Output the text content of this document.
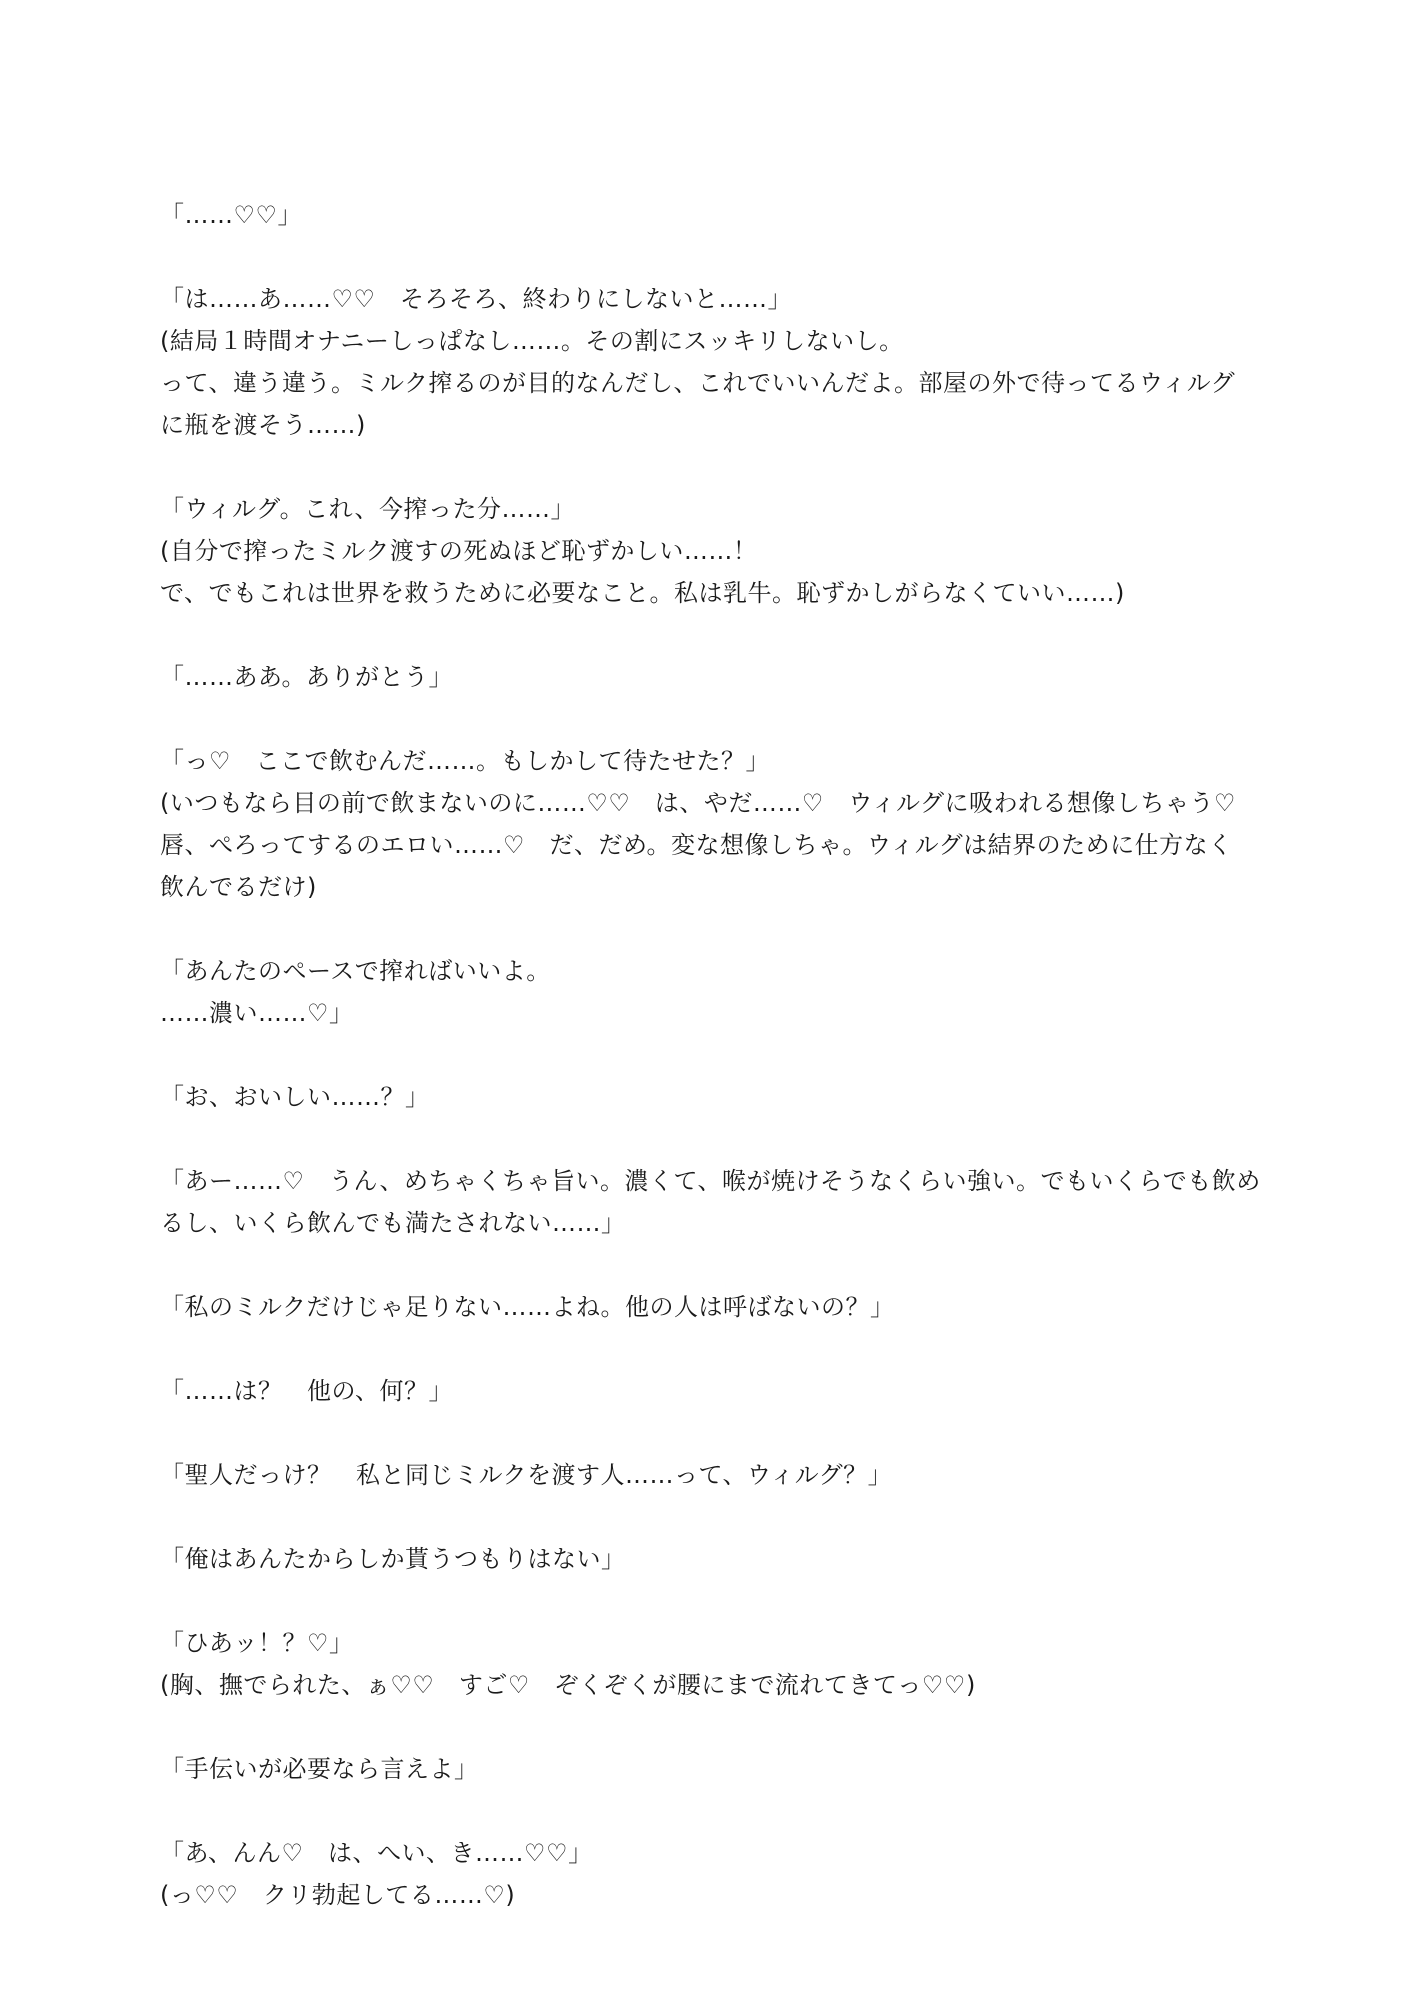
「……♡♡」
「は……あ……♡♡　そろそろ、終わりにしないと……」
(結局１時間オナニーしっぱなし……。その割にスッキリしないし。
って、違う違う。ミルク搾るのが目的なんだし、これでいいんだよ。部屋の外で待ってるウィルグ
に瓶を渡そう……)
「ウィルグ。これ、今搾った分……」
(自分で搾ったミルク渡すの死ぬほど恥ずかしい……！
で、でもこれは世界を救うために必要なこと。私は乳牛。恥ずかしがらなくていい……)
「……ああ。ありがとう」
「っ♡　ここで飲むんだ……。もしかして待たせた？」
(いつもなら目の前で飲まないのに……♡♡　は、やだ……♡　ウィルグに吸われる想像しちゃう♡
唇、ぺろってするのエロい……♡　だ、だめ。変な想像しちゃ。ウィルグは結界のために仕方なく
飲んでるだけ)
「あんたのペースで搾ればいいよ。
……濃い……♡」
「お、おいしい……？」
「あー……♡　うん、めちゃくちゃ旨い。濃くて、喉が焼けそうなくらい強い。でもいくらでも飲め
るし、いくら飲んでも満たされない……」
「私のミルクだけじゃ足りない……よね。他の人は呼ばないの？」
「……は？　他の、何？」
「聖人だっけ？　私と同じミルクを渡す人……って、ウィルグ？」
「俺はあんたからしか貰うつもりはない」
「ひあッ！？♡」
(胸、撫でられた、ぁ♡♡　すご♡　ぞくぞくが腰にまで流れてきてっ♡♡)
「手伝いが必要なら言えよ」
「あ、んん♡　は、へい、き……♡♡」
(っ♡♡　クリ勃起してる……♡)
